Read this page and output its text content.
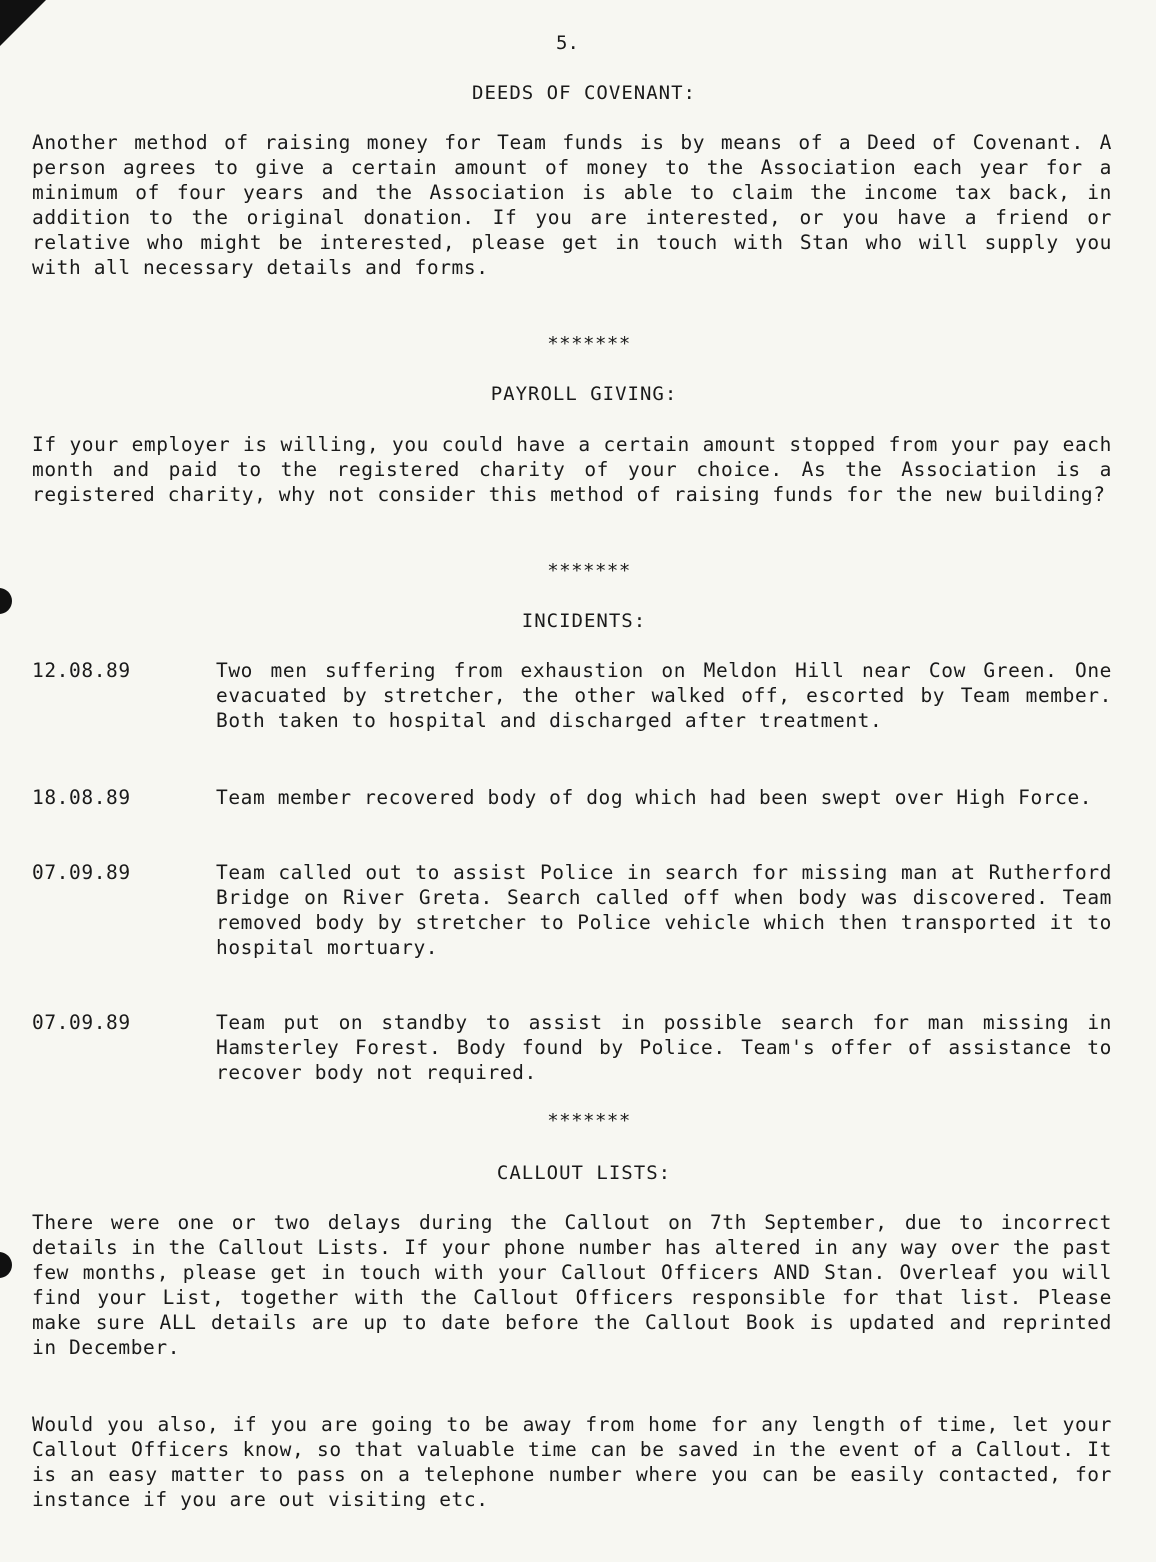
5.
DEEDS OF COVENANT:

Another method of raising money for Team funds is by means of a Deed of Covenant. A person agrees to give a certain amount of money to the Association each year for a minimum of four years and the Association is able to claim the income tax back, in addition to the original donation. If you are interested, or you have a friend or relative who might be interested, please get in touch with Stan who will supply you with all necessary details and forms.

*******
PAYROLL GIVING:

If your employer is willing, you could have a certain amount stopped from your pay each month and paid to the registered charity of your choice. As the Association is a registered charity, why not consider this method of raising funds for the new building?

*******
INCIDENTS:
12.08.89	Two men suffering from exhaustion on Meldon Hill near Cow Green. One evacuated by stretcher, the other walked off, escorted by Team member. Both taken to hospital and discharged after treatment.
18.08.89	Team member recovered body of dog which had been swept over High Force.
07.09.89	Team called out to assist Police in search for missing man at Rutherford Bridge on River Greta. Search called off when body was discovered. Team removed body by stretcher to Police vehicle which then transported it to hospital mortuary.
07.09.89	Team put on standby to assist in possible search for man missing in Hamsterley Forest. Body found by Police. Team's offer of assistance to recover body not required.
*******
CALLOUT LISTS:

There were one or two delays during the Callout on 7th September, due to incorrect details in the Callout Lists. If your phone number has altered in any way over the past few months, please get in touch with your Callout Officers AND Stan. Overleaf you will find your List, together with the Callout Officers responsible for that list. Please make sure ALL details are up to date before the Callout Book is updated and reprinted in December.

Would you also, if you are going to be away from home for any length of time, let your Callout Officers know, so that valuable time can be saved in the event of a Callout. It is an easy matter to pass on a telephone number where you can be easily contacted, for instance if you are out visiting etc.
